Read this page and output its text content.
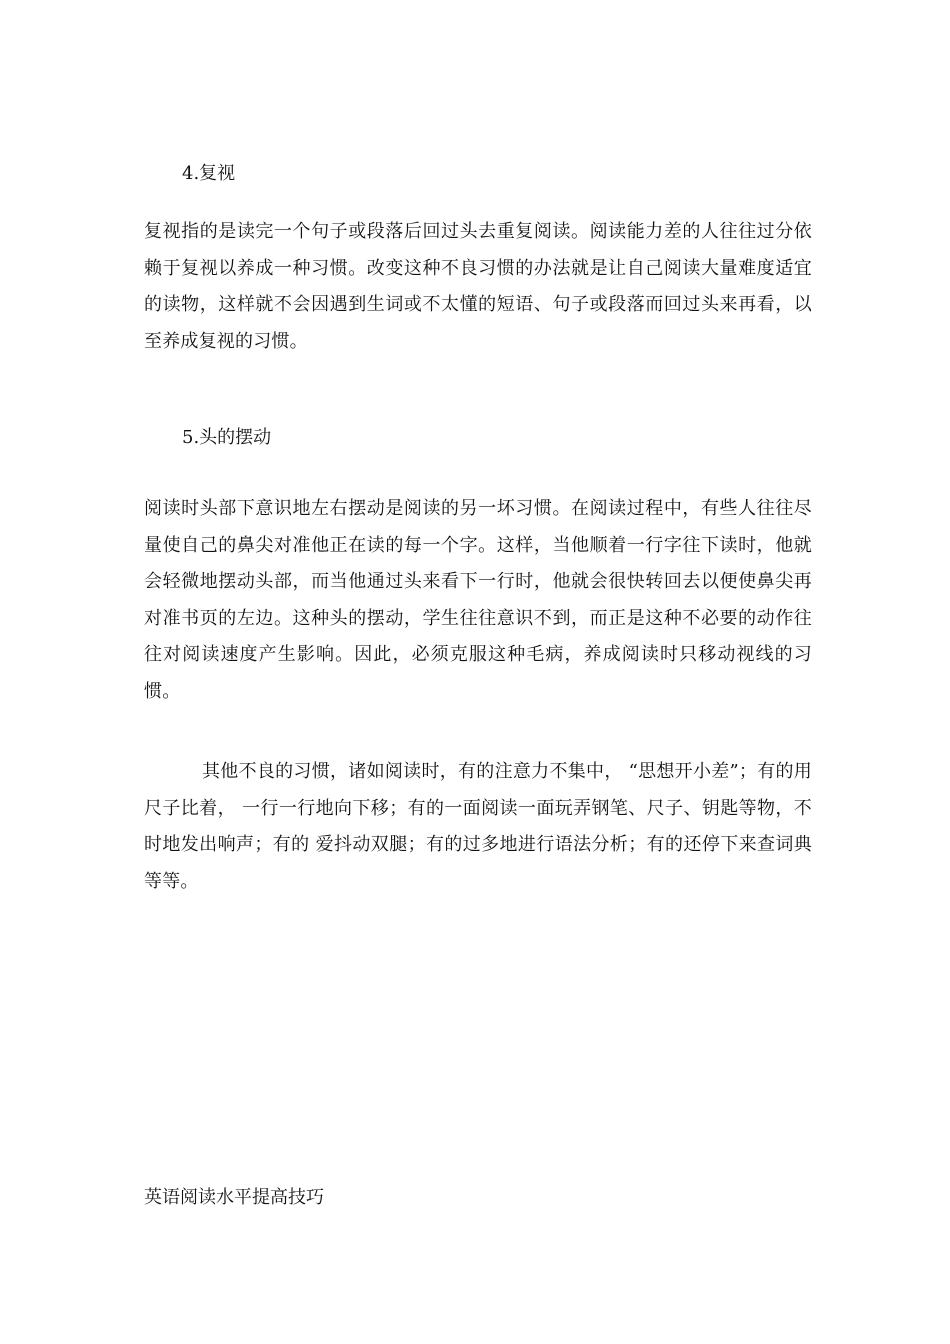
4.复视

复视指的是读完一个句子或段落后回过头去重复阅读。阅读能力差的人往往过分依赖于复视以养成一种习惯。改变这种不良习惯的办法就是让自己阅读大量难度适宜的读物，这样就不会因遇到生词或不太懂的短语、句子或段落而回过头来再看，以至养成复视的习惯。

5.头的摆动

阅读时头部下意识地左右摆动是阅读的另一坏习惯。在阅读过程中，有些人往往尽量使自己的鼻尖对准他正在读的每一个字。这样，当他顺着一行字往下读时，他就会轻微地摆动头部，而当他通过头来看下一行时，他就会很快转回去以便使鼻尖再对准书页的左边。这种头的摆动，学生往往意识不到，而正是这种不必要的动作往往对阅读速度产生影响。因此，必须克服这种毛病，养成阅读时只移动视线的习惯。

其他不良的习惯，诸如阅读时，有的注意力不集中， “思想开小差”；有的用尺子比着， 一行一行地向下移；有的一面阅读一面玩弄钢笔、尺子、钥匙等物，不时地发出响声；有的 爱抖动双腿；有的过多地进行语法分析；有的还停下来查词典等等。

英语阅读水平提高技巧
